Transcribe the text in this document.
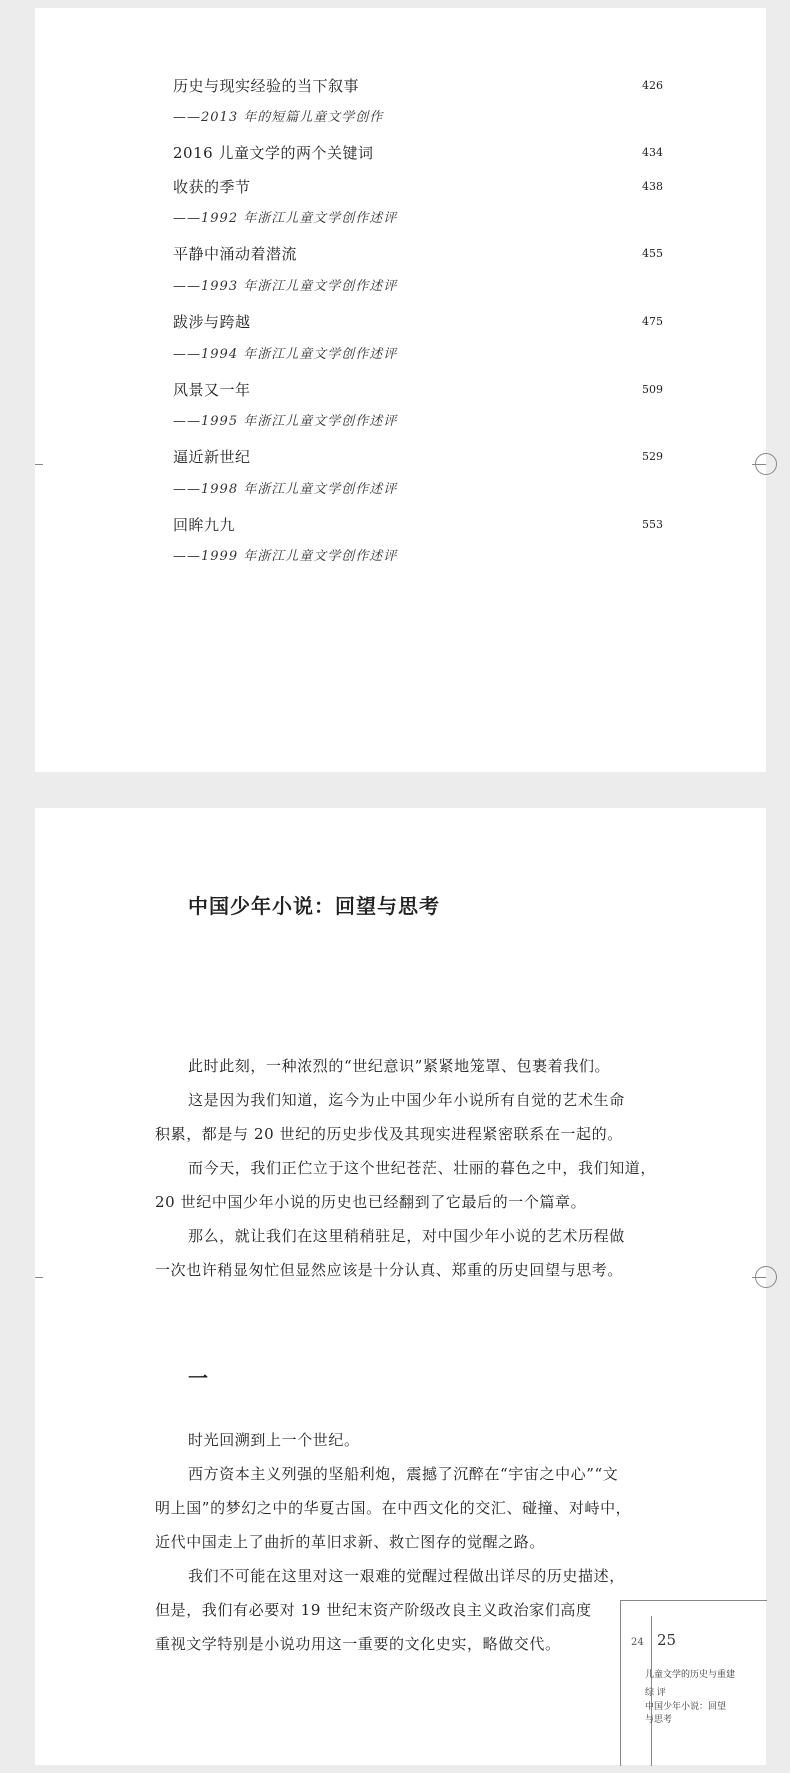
历史与现实经验的当下叙事	426
——2013 年的短篇儿童文学创作
2016 儿童文学的两个关键词	434
收获的季节	438
——1992 年浙江儿童文学创作述评
平静中涌动着潜流	455
——1993 年浙江儿童文学创作述评
跋涉与跨越	475
——1994 年浙江儿童文学创作述评
风景又一年	509
——1995 年浙江儿童文学创作述评
逼近新世纪	529
——1998 年浙江儿童文学创作述评
回眸九九	553
——1999 年浙江儿童文学创作述评
中国少年小说：回望与思考
此时此刻，一种浓烈的“世纪意识”紧紧地笼罩、包裹着我们。
这是因为我们知道，迄今为止中国少年小说所有自觉的艺术生命
积累，都是与 20 世纪的历史步伐及其现实进程紧密联系在一起的。
而今天，我们正伫立于这个世纪苍茫、壮丽的暮色之中，我们知道，
20 世纪中国少年小说的历史也已经翻到了它最后的一个篇章。
那么，就让我们在这里稍稍驻足，对中国少年小说的艺术历程做
一次也许稍显匆忙但显然应该是十分认真、郑重的历史回望与思考。
一
时光回溯到上一个世纪。
西方资本主义列强的坚船利炮，震撼了沉醉在“宇宙之中心”“文
明上国”的梦幻之中的华夏古国。在中西文化的交汇、碰撞、对峙中，
近代中国走上了曲折的革旧求新、救亡图存的觉醒之路。
我们不可能在这里对这一艰难的觉醒过程做出详尽的历史描述，
但是，我们有必要对 19 世纪末资产阶级改良主义政治家们高度
重视文学特别是小说功用这一重要的文化史实，略做交代。	24 25
儿童文学的历史与重建
综 评
中国少年小说：回望
与思考
